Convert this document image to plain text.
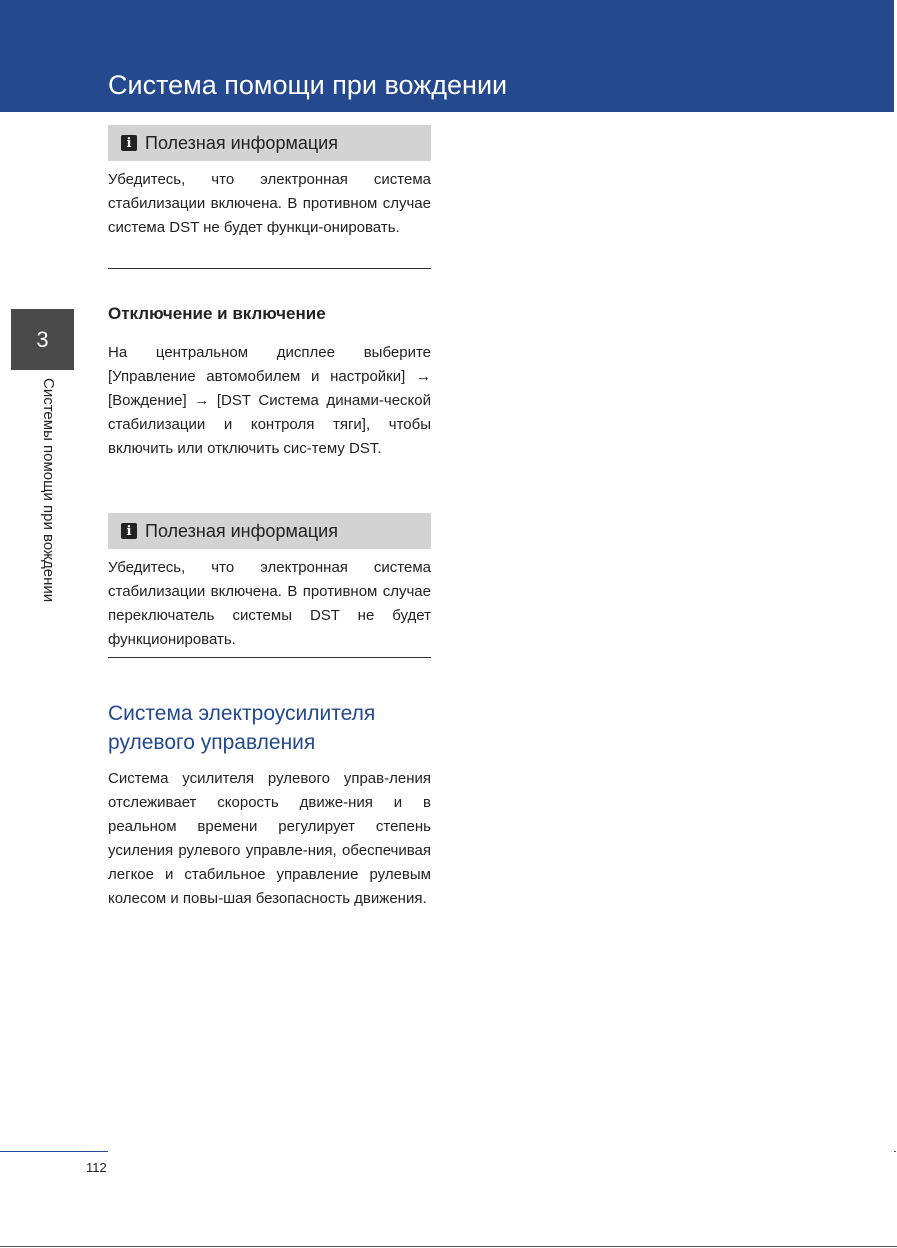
Система помощи при вождении
3
Системы помощи при вождении
i Полезная информация

Убедитесь, что электронная система стабилизации включена. В противном случае система DST не будет функци-онировать.

Отключение и включение

На центральном дисплее выберите [Управление автомобилем и настройки] → [Вождение] → [DST Система динами-ческой стабилизации и контроля тяги], чтобы включить или отключить сис-тему DST.

i Полезная информация

Убедитесь, что электронная система стабилизации включена. В противном случае переключатель системы DST не будет функционировать.

Система электроусилителя
рулевого управления

Система усилителя рулевого управ-ления отслеживает скорость движе-ния и в реальном времени регулирует степень усиления рулевого управле-ния, обеспечивая легкое и стабильное управление рулевым колесом и повы-шая безопасность движения.

112
